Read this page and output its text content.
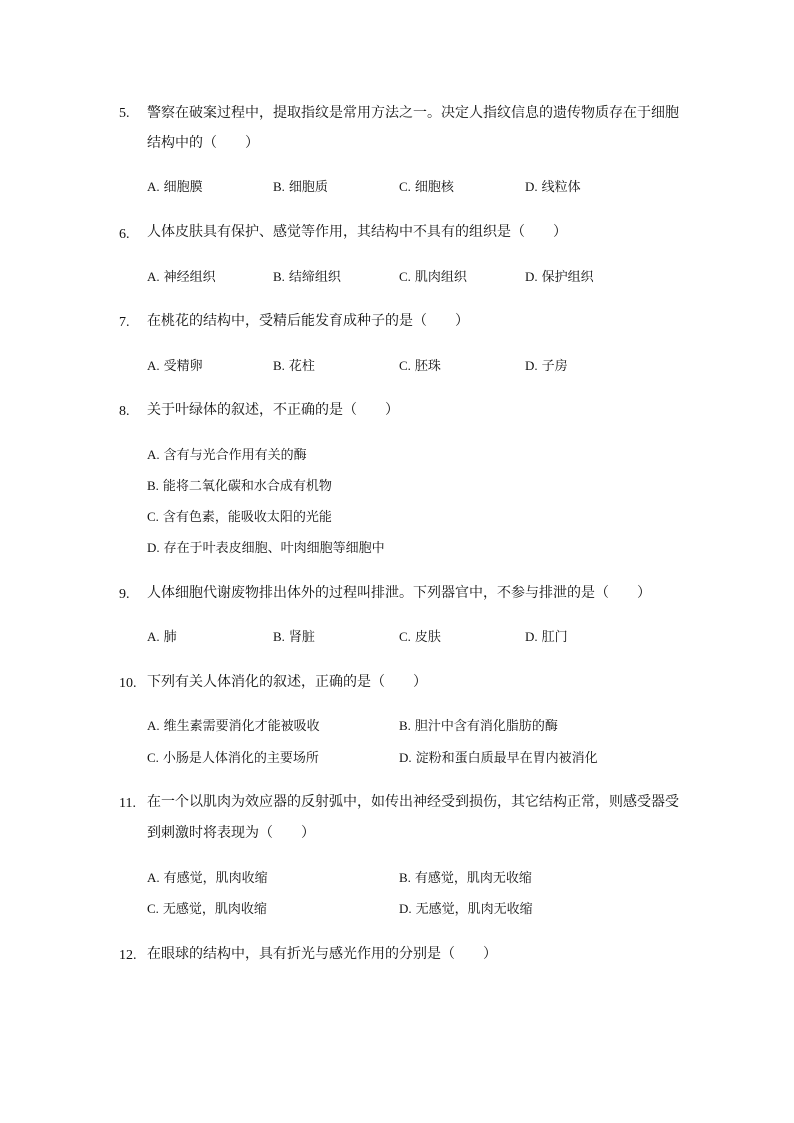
5. 警察在破案过程中，提取指纹是常用方法之一。决定人指纹信息的遗传物质存在于细胞
结构中的（　　）
A. 细胞膜	B. 细胞质	C. 细胞核	D. 线粒体
6. 人体皮肤具有保护、感觉等作用，其结构中不具有的组织是（　　）
A. 神经组织	B. 结缔组织	C. 肌肉组织	D. 保护组织
7. 在桃花的结构中，受精后能发育成种子的是（　　）
A. 受精卵	B. 花柱	C. 胚珠	D. 子房
8. 关于叶绿体的叙述，不正确的是（　　）
A. 含有与光合作用有关的酶
B. 能将二氧化碳和水合成有机物
C. 含有色素，能吸收太阳的光能
D. 存在于叶表皮细胞、叶肉细胞等细胞中
9. 人体细胞代谢废物排出体外的过程叫排泄。下列器官中，不参与排泄的是（　　）
A. 肺	B. 肾脏	C. 皮肤	D. 肛门
10. 下列有关人体消化的叙述，正确的是（　　）
A. 维生素需要消化才能被吸收	B. 胆汁中含有消化脂肪的酶
C. 小肠是人体消化的主要场所	D. 淀粉和蛋白质最早在胃内被消化
11. 在一个以肌肉为效应器的反射弧中，如传出神经受到损伤，其它结构正常，则感受器受
到刺激时将表现为（　　）
A. 有感觉，肌肉收缩	B. 有感觉，肌肉无收缩
C. 无感觉，肌肉收缩	D. 无感觉，肌肉无收缩
12. 在眼球的结构中，具有折光与感光作用的分别是（　　）
